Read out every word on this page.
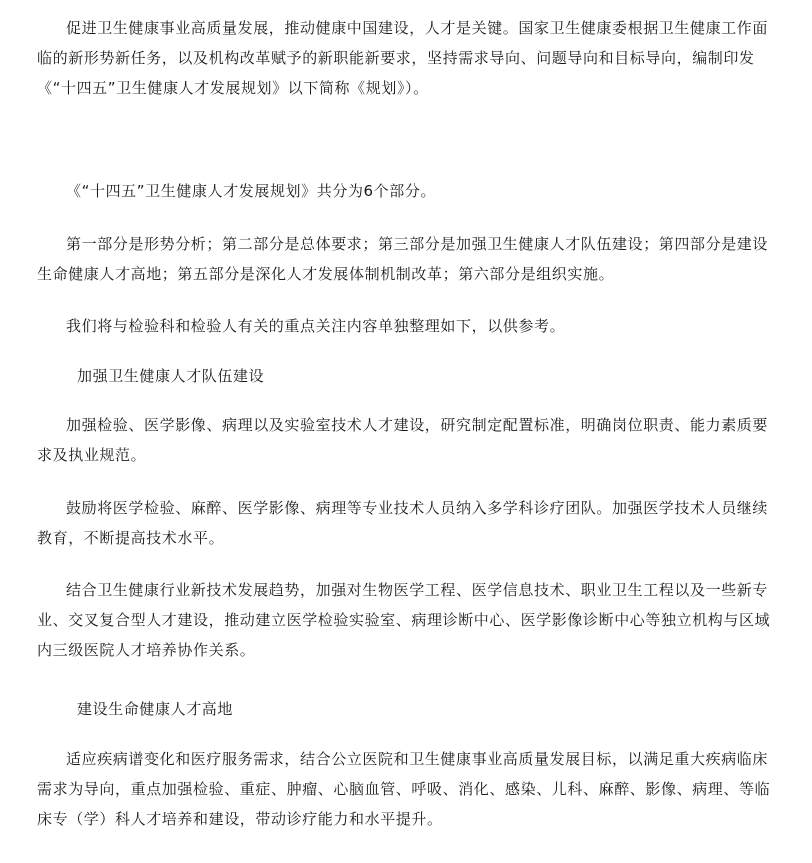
促进卫生健康事业高质量发展，推动健康中国建设，人才是关键。国家卫生健康委根据卫生健康工作面临的新形势新任务，以及机构改革赋予的新职能新要求，坚持需求导向、问题导向和目标导向，编制印发《“十四五”卫生健康人才发展规划》以下简称《规划》）。

《“十四五”卫生健康人才发展规划》共分为6个部分。

第一部分是形势分析；第二部分是总体要求；第三部分是加强卫生健康人才队伍建设；第四部分是建设生命健康人才高地；第五部分是深化人才发展体制机制改革；第六部分是组织实施。

我们将与检验科和检验人有关的重点关注内容单独整理如下，以供参考。

加强卫生健康人才队伍建设

加强检验、医学影像、病理以及实验室技术人才建设，研究制定配置标准，明确岗位职责、能力素质要求及执业规范。

鼓励将医学检验、麻醉、医学影像、病理等专业技术人员纳入多学科诊疗团队。加强医学技术人员继续教育，不断提高技术水平。

结合卫生健康行业新技术发展趋势，加强对生物医学工程、医学信息技术、职业卫生工程以及一些新专业、交叉复合型人才建设，推动建立医学检验实验室、病理诊断中心、医学影像诊断中心等独立机构与区域内三级医院人才培养协作关系。

建设生命健康人才高地

适应疾病谱变化和医疗服务需求，结合公立医院和卫生健康事业高质量发展目标，以满足重大疾病临床需求为导向，重点加强检验、重症、肿瘤、心脑血管、呼吸、消化、感染、儿科、麻醉、影像、病理、等临床专（学）科人才培养和建设，带动诊疗能力和水平提升。
